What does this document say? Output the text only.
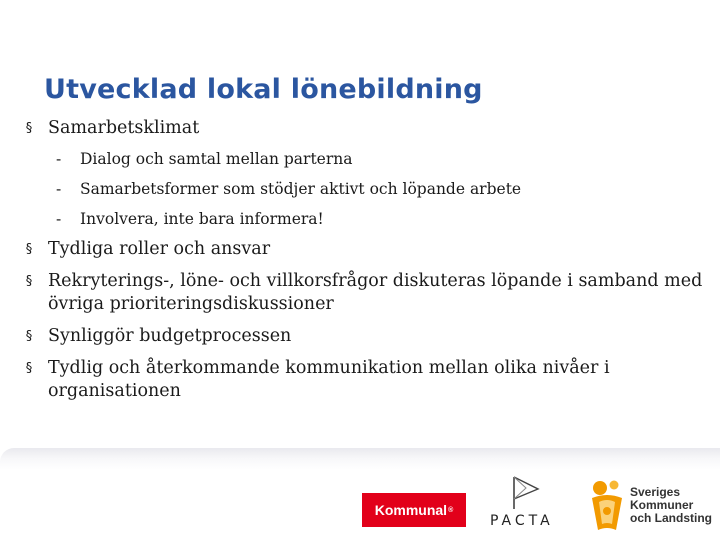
Utvecklad lokal lönebildning
§ Samarbetsklimat
- Dialog och samtal mellan parterna
- Samarbetsformer som stödjer aktivt och löpande arbete
- Involvera, inte bara informera!
§ Tydliga roller och ansvar
§ Rekryterings-, löne- och villkorsfrågor diskuteras löpande i samband med övriga prioriteringsdiskussioner
§ Synliggör budgetprocessen
§ Tydlig och återkommande kommunikation mellan olika nivåer i organisationen
Kommunal ®
PACTA
Sveriges
Kommuner
och Landsting
